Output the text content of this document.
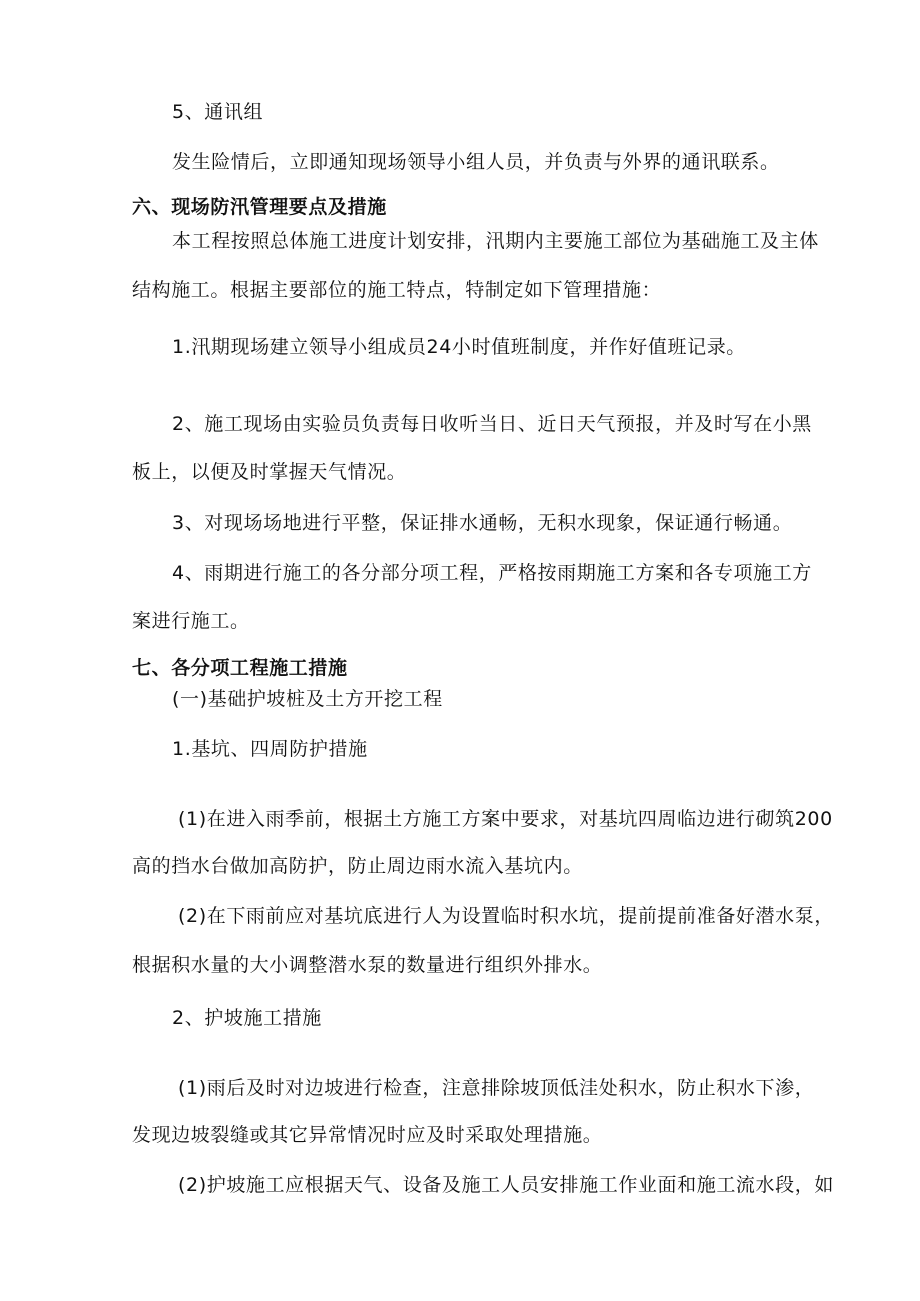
5、通讯组
发生险情后，立即通知现场领导小组人员，并负责与外界的通讯联系。
六、现场防汛管理要点及措施
本工程按照总体施工进度计划安排，汛期内主要施工部位为基础施工及主体
结构施工。根据主要部位的施工特点，特制定如下管理措施：
1.汛期现场建立领导小组成员24小时值班制度，并作好值班记录。
2、施工现场由实验员负责每日收听当日、近日天气预报，并及时写在小黑
板上，以便及时掌握天气情况。
3、对现场场地进行平整，保证排水通畅，无积水现象，保证通行畅通。
4、雨期进行施工的各分部分项工程，严格按雨期施工方案和各专项施工方
案进行施工。
七、各分项工程施工措施
(一)基础护坡桩及土方开挖工程
1.基坑、四周防护措施
(1)在进入雨季前，根据土方施工方案中要求，对基坑四周临边进行砌筑200
高的挡水台做加高防护，防止周边雨水流入基坑内。
(2)在下雨前应对基坑底进行人为设置临时积水坑，提前提前准备好潜水泵，
根据积水量的大小调整潜水泵的数量进行组织外排水。
2、护坡施工措施
(1)雨后及时对边坡进行检查，注意排除坡顶低洼处积水，防止积水下渗，
发现边坡裂缝或其它异常情况时应及时采取处理措施。
(2)护坡施工应根据天气、设备及施工人员安排施工作业面和施工流水段，如
